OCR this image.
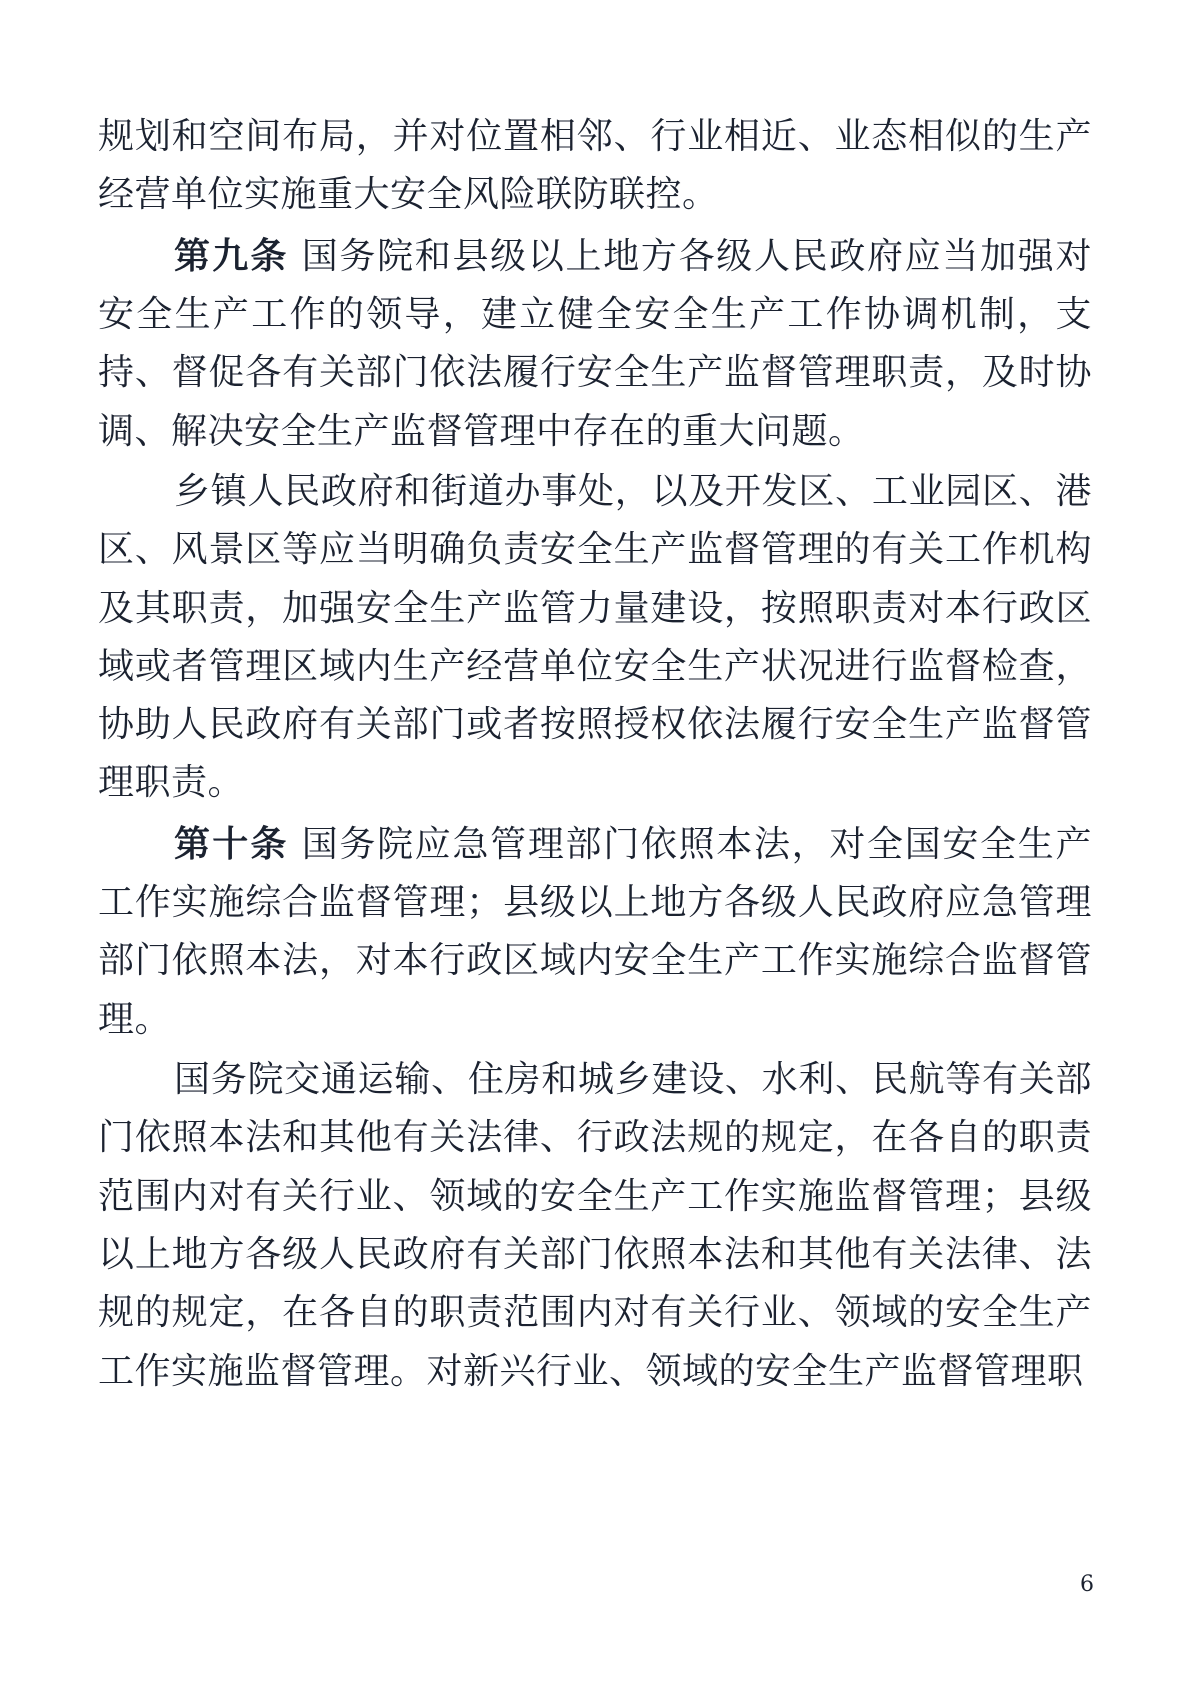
规划和空间布局，并对位置相邻、行业相近、业态相似的生产经营单位实施重大安全风险联防联控。

第九条 国务院和县级以上地方各级人民政府应当加强对安全生产工作的领导，建立健全安全生产工作协调机制，支持、督促各有关部门依法履行安全生产监督管理职责，及时协调、解决安全生产监督管理中存在的重大问题。

乡镇人民政府和街道办事处，以及开发区、工业园区、港区、风景区等应当明确负责安全生产监督管理的有关工作机构及其职责，加强安全生产监管力量建设，按照职责对本行政区域或者管理区域内生产经营单位安全生产状况进行监督检查，协助人民政府有关部门或者按照授权依法履行安全生产监督管理职责。

第十条 国务院应急管理部门依照本法，对全国安全生产工作实施综合监督管理；县级以上地方各级人民政府应急管理部门依照本法，对本行政区域内安全生产工作实施综合监督管理。

国务院交通运输、住房和城乡建设、水利、民航等有关部门依照本法和其他有关法律、行政法规的规定，在各自的职责范围内对有关行业、领域的安全生产工作实施监督管理；县级以上地方各级人民政府有关部门依照本法和其他有关法律、法规的规定，在各自的职责范围内对有关行业、领域的安全生产工作实施监督管理。对新兴行业、领域的安全生产监督管理职

6
